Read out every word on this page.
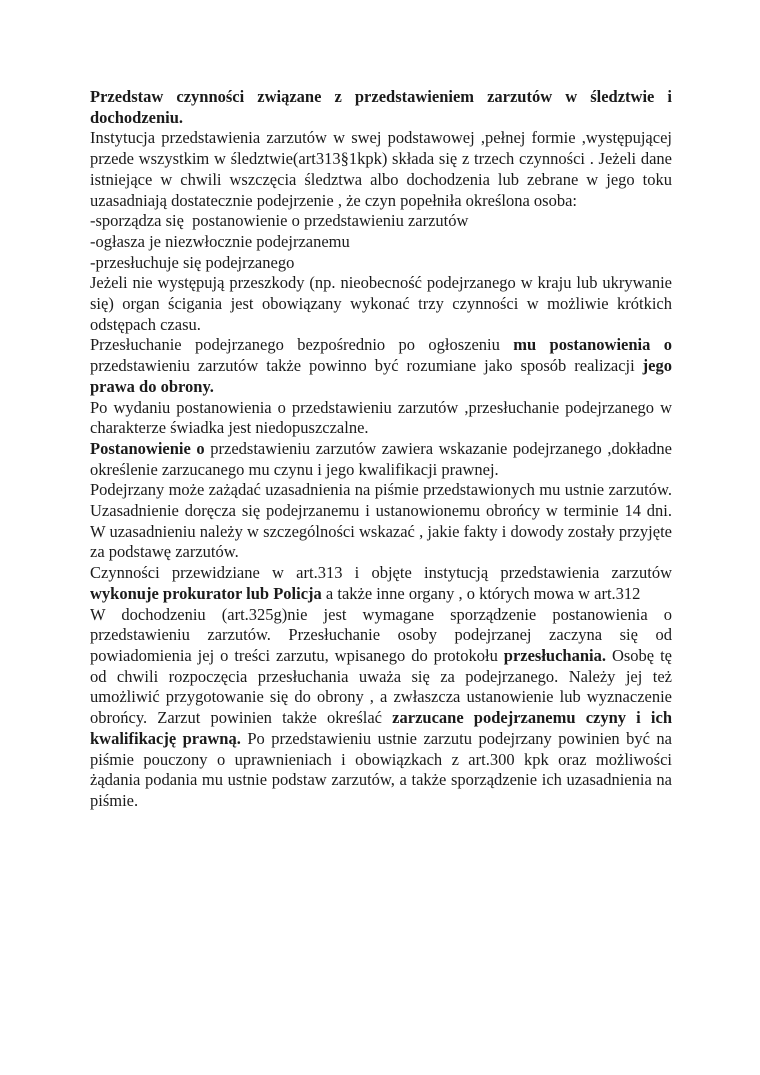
Przedstaw czynności związane z przedstawieniem zarzutów w śledztwie i dochodzeniu.

Instytucja przedstawienia zarzutów w swej podstawowej ,pełnej formie ,występującej przede wszystkim w śledztwie(art313§1kpk) składa się z trzech czynności . Jeżeli dane istniejące w chwili wszczęcia śledztwa albo dochodzenia lub zebrane w jego toku uzasadniają dostatecznie podejrzenie , że czyn popełniła określona osoba:

-sporządza się  postanowienie o przedstawieniu zarzutów

-ogłasza je niezwłocznie podejrzanemu

-przesłuchuje się podejrzanego

Jeżeli nie występują przeszkody (np. nieobecność podejrzanego w kraju lub ukrywanie się) organ ścigania jest obowiązany wykonać trzy czynności w możliwie krótkich odstępach czasu.

Przesłuchanie podejrzanego bezpośrednio po ogłoszeniu mu postanowienia o przedstawieniu zarzutów także powinno być rozumiane jako sposób realizacji jego prawa do obrony.

Po wydaniu postanowienia o przedstawieniu zarzutów ,przesłuchanie podejrzanego w charakterze świadka jest niedopuszczalne.

Postanowienie o przedstawieniu zarzutów zawiera wskazanie podejrzanego ,dokładne określenie zarzucanego mu czynu i jego kwalifikacji prawnej.

Podejrzany może zażądać uzasadnienia na piśmie przedstawionych mu ustnie zarzutów. Uzasadnienie doręcza się podejrzanemu i ustanowionemu obrońcy w terminie 14 dni. W uzasadnieniu należy w szczególności wskazać , jakie fakty i dowody zostały przyjęte za podstawę zarzutów.

Czynności przewidziane w art.313 i objęte instytucją przedstawienia zarzutów wykonuje prokurator lub Policja a także inne organy , o których mowa w art.312

W dochodzeniu (art.325g)nie jest wymagane sporządzenie postanowienia o przedstawieniu zarzutów. Przesłuchanie osoby podejrzanej zaczyna się od powiadomienia jej o treści zarzutu, wpisanego do protokołu przesłuchania. Osobę tę od chwili rozpoczęcia przesłuchania uważa się za podejrzanego. Należy jej też umożliwić przygotowanie się do obrony , a zwłaszcza ustanowienie lub wyznaczenie obrońcy. Zarzut powinien także określać zarzucane podejrzanemu czyny i ich kwalifikację prawną. Po przedstawieniu ustnie zarzutu podejrzany powinien być na piśmie pouczony o uprawnieniach i obowiązkach z art.300 kpk oraz możliwości żądania podania mu ustnie podstaw zarzutów, a także sporządzenie ich uzasadnienia na piśmie.
